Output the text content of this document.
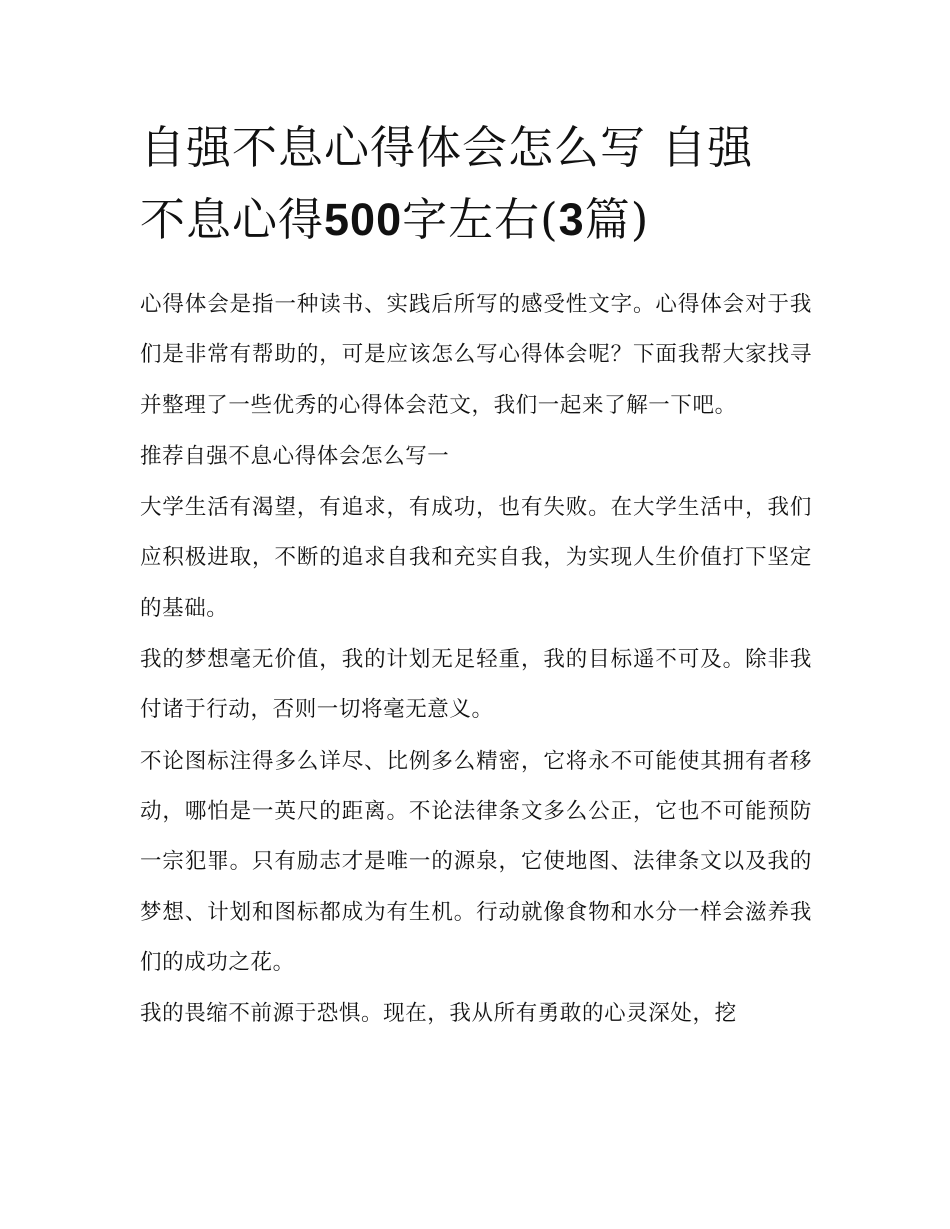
自强不息心得体会怎么写 自强
不息心得500字左右(3篇)

心得体会是指一种读书、实践后所写的感受性文字。心得体会对于我们是非常有帮助的，可是应该怎么写心得体会呢？下面我帮大家找寻并整理了一些优秀的心得体会范文，我们一起来了解一下吧。

推荐自强不息心得体会怎么写一

大学生活有渴望，有追求，有成功，也有失败。在大学生活中，我们应积极进取，不断的追求自我和充实自我，为实现人生价值打下坚定的基础。

我的梦想毫无价值，我的计划无足轻重，我的目标遥不可及。除非我付诸于行动，否则一切将毫无意义。

不论图标注得多么详尽、比例多么精密，它将永不可能使其拥有者移动，哪怕是一英尺的距离。不论法律条文多么公正，它也不可能预防一宗犯罪。只有励志才是唯一的源泉，它使地图、法律条文以及我的梦想、计划和图标都成为有生机。行动就像食物和水分一样会滋养我们的成功之花。

我的畏缩不前源于恐惧。现在，我从所有勇敢的心灵深处，挖
